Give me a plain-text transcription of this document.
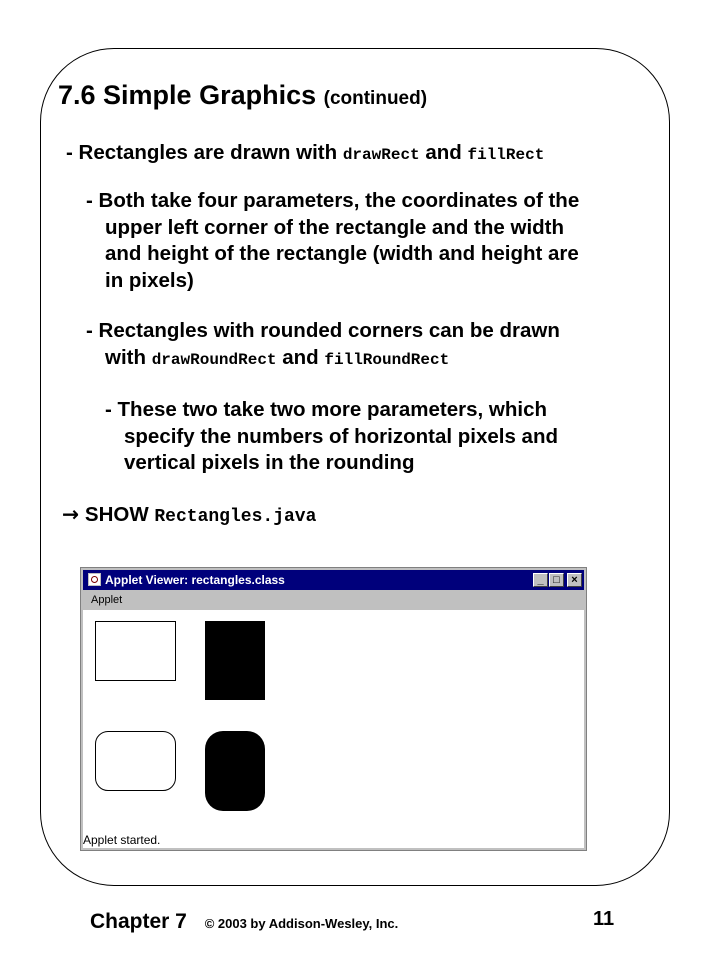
7.6 Simple Graphics (continued)

- Rectangles are drawn with drawRect and fillRect

- Both take four parameters, the coordinates of the
upper left corner of the rectangle and the width
and height of the rectangle (width and height are
in pixels)

- Rectangles with rounded corners can be drawn
with drawRoundRect and fillRoundRect

- These two take two more parameters, which
specify the numbers of horizontal pixels and
vertical pixels in the rounding

→ SHOW Rectangles.java

Applet Viewer: rectangles.class	_ □	×
Applet
Applet started.

Chapter 7 © 2003 by Addison-Wesley, Inc.	11
